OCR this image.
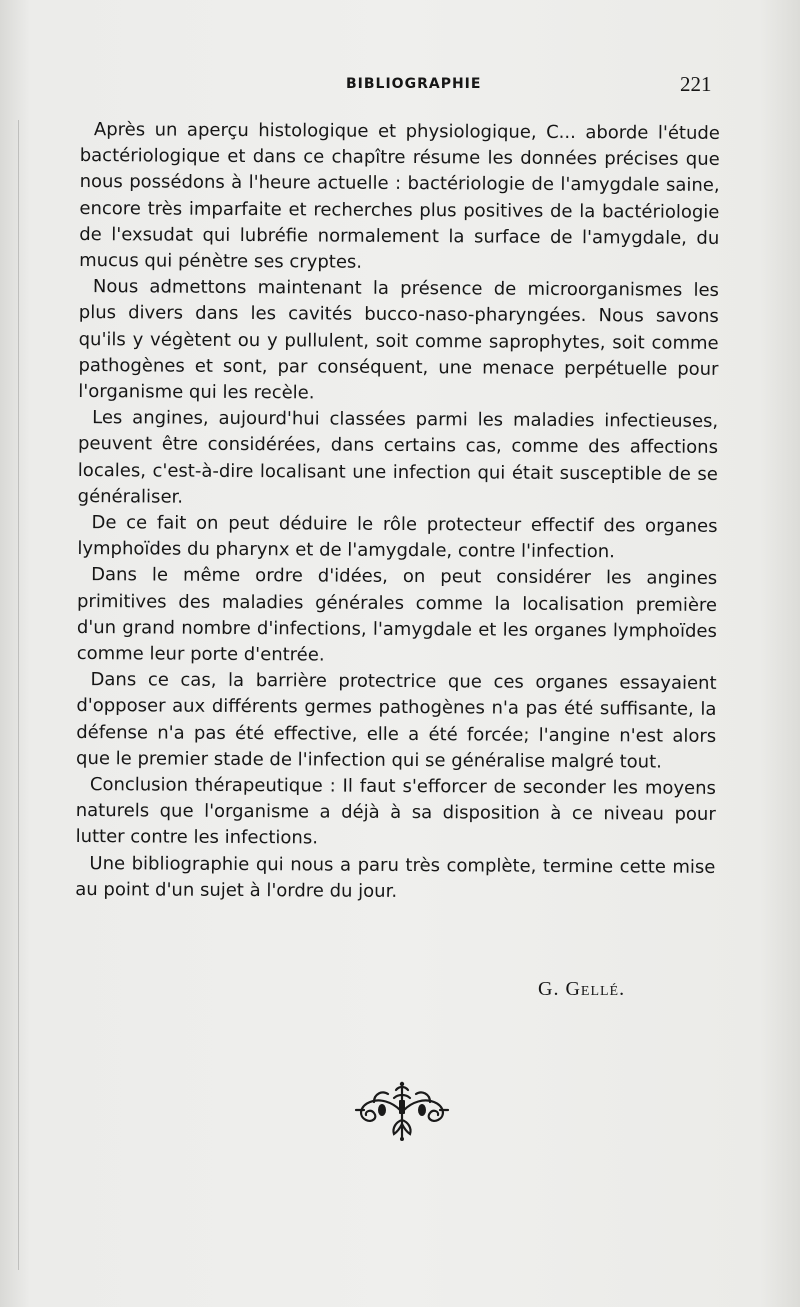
BIBLIOGRAPHIE	221

Après un aperçu histologique et physiologique, C... aborde l'étude bactériologique et dans ce chapître résume les données précises que nous possédons à l'heure actuelle : bactériologie de l'amygdale saine, encore très imparfaite et recherches plus positives de la bactériologie de l'exsudat qui lubréfie normalement la surface de l'amygdale, du mucus qui pénètre ses cryptes.

Nous admettons maintenant la présence de microorganismes les plus divers dans les cavités bucco-naso-pharyngées. Nous savons qu'ils y végètent ou y pullulent, soit comme saprophytes, soit comme pathogènes et sont, par conséquent, une menace perpétuelle pour l'organisme qui les recèle.

Les angines, aujourd'hui classées parmi les maladies infectieuses, peuvent être considérées, dans certains cas, comme des affections locales, c'est-à-dire localisant une infection qui était susceptible de se généraliser.

De ce fait on peut déduire le rôle protecteur effectif des organes lymphoïdes du pharynx et de l'amygdale, contre l'infection.

Dans le même ordre d'idées, on peut considérer les angines primitives des maladies générales comme la localisation première d'un grand nombre d'infections, l'amygdale et les organes lymphoïdes comme leur porte d'entrée.

Dans ce cas, la barrière protectrice que ces organes essayaient d'opposer aux différents germes pathogènes n'a pas été suffisante, la défense n'a pas été effective, elle a été forcée; l'angine n'est alors que le premier stade de l'infection qui se généralise malgré tout.

Conclusion thérapeutique : Il faut s'efforcer de seconder les moyens naturels que l'organisme a déjà à sa disposition à ce niveau pour lutter contre les infections.

Une bibliographie qui nous a paru très complète, termine cette mise au point d'un sujet à l'ordre du jour.

G. Gellé.
